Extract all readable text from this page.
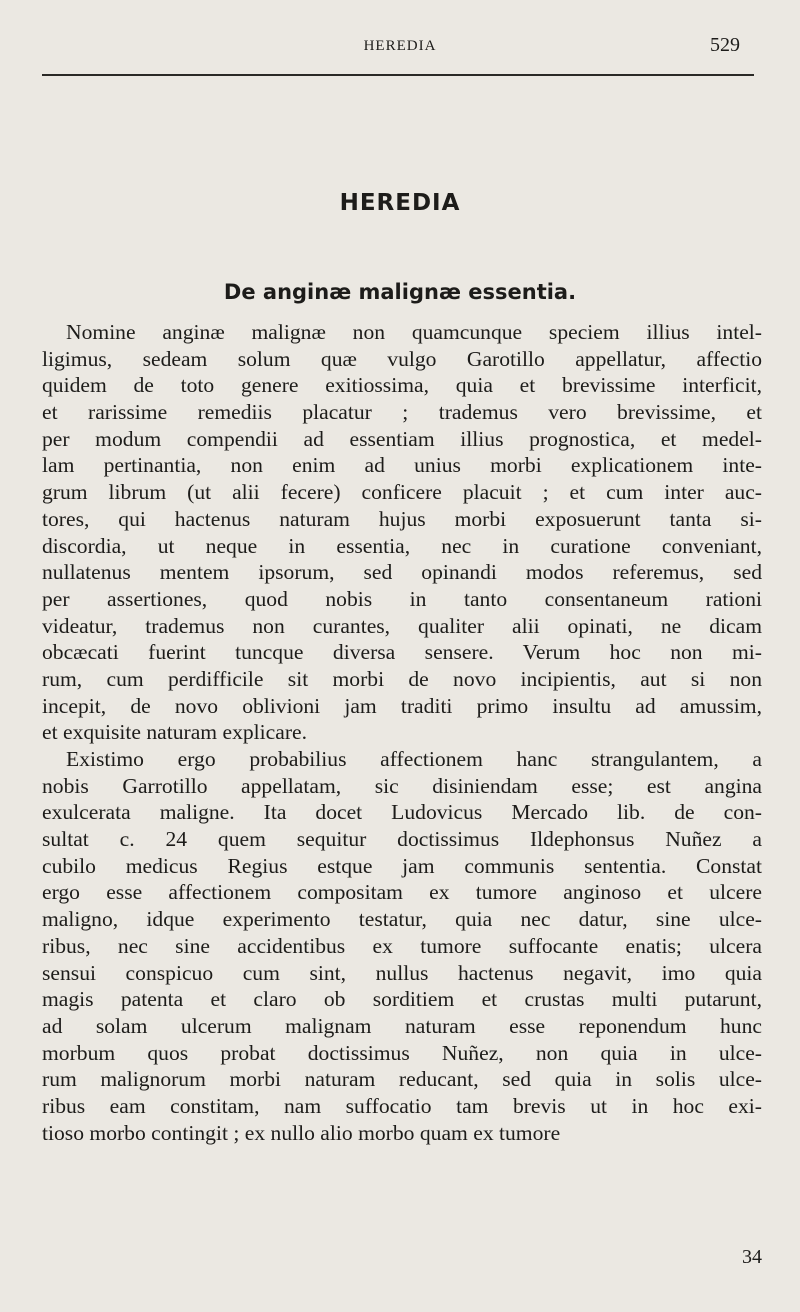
HEREDIA	529
HEREDIA
De anginæ malignæ essentia.
Nomine anginæ malignæ non quamcunque speciem illius intel-
ligimus, sedeam solum quæ vulgo Garotillo appellatur, affectio
quidem de toto genere exitiossima, quia et brevissime interficit,
et rarissime remediis placatur ; trademus vero brevissime, et
per modum compendii ad essentiam illius prognostica, et medel-
lam pertinantia, non enim ad unius morbi explicationem inte-
grum librum (ut alii fecere) conficere placuit ; et cum inter auc-
tores, qui hactenus naturam hujus morbi exposuerunt tanta si-
discordia, ut neque in essentia, nec in curatione conveniant,
nullatenus mentem ipsorum, sed opinandi modos referemus, sed
per assertiones, quod nobis in tanto consentaneum rationi
videatur, trademus non curantes, qualiter alii opinati, ne dicam
obcæcati fuerint tuncque diversa sensere. Verum hoc non mi-
rum, cum perdifficile sit morbi de novo incipientis, aut si non
incepit, de novo oblivioni jam traditi primo insultu ad amussim,
et exquisite naturam explicare.
Existimo ergo probabilius affectionem hanc strangulantem, a
nobis Garrotillo appellatam, sic disiniendam esse; est angina
exulcerata maligne. Ita docet Ludovicus Mercado lib. de con-
sultat c. 24 quem sequitur doctissimus Ildephonsus Nuñez a
cubilo medicus Regius estque jam communis sententia. Constat
ergo esse affectionem compositam ex tumore anginoso et ulcere
maligno, idque experimento testatur, quia nec datur, sine ulce-
ribus, nec sine accidentibus ex tumore suffocante enatis; ulcera
sensui conspicuo cum sint, nullus hactenus negavit, imo quia
magis patenta et claro ob sorditiem et crustas multi putarunt,
ad solam ulcerum malignam naturam esse reponendum hunc
morbum quos probat doctissimus Nuñez, non quia in ulce-
rum malignorum morbi naturam reducant, sed quia in solis ulce-
ribus eam constitam, nam suffocatio tam brevis ut in hoc exi-
tioso morbo contingit ; ex nullo alio morbo quam ex tumore
34
